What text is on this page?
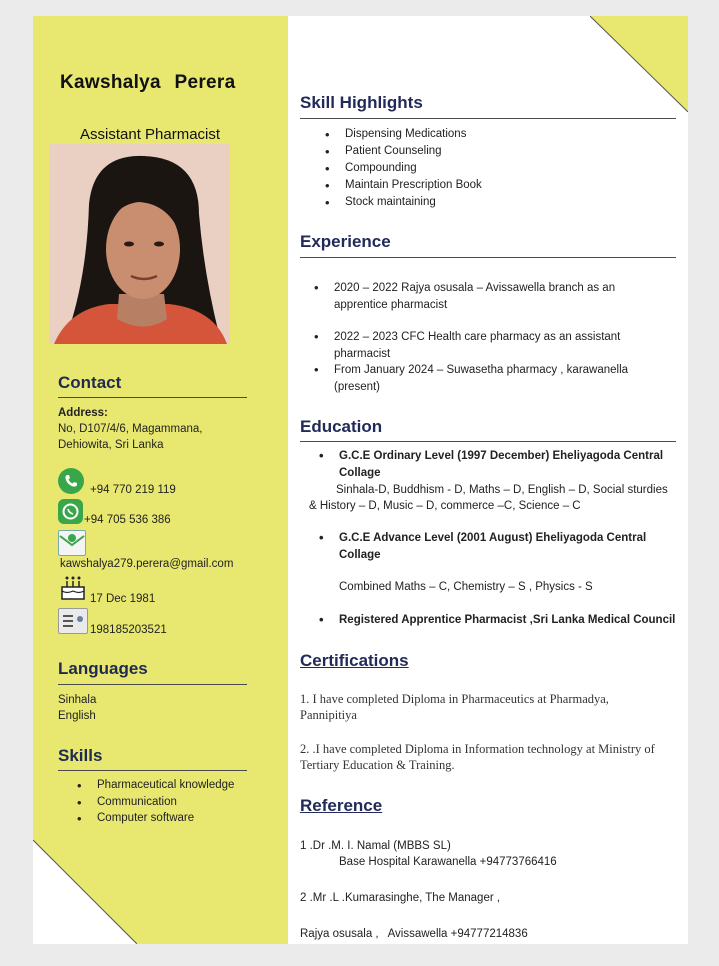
Kawshalya Perera
Assistant Pharmacist
Contact
Address:
No, D107/4/6, Magammana,
Dehiowita, Sri Lanka
+94 770 219 119
+94 705 536 386
kawshalya279.perera@gmail.com
17 Dec 1981
198185203521
Languages
Sinhala
English
Skills
• Pharmaceutical knowledge
• Communication
• Computer software
Skill Highlights
• Dispensing Medications
• Patient Counseling
• Compounding
• Maintain Prescription Book
• Stock maintaining
Experience
• 2020 – 2022 Rajya osusala – Avissawella branch as an apprentice pharmacist
• 2022 – 2023 CFC Health care pharmacy as an assistant pharmacist
• From January 2024 – Suwasetha pharmacy , karawanella (present)
Education
• G.C.E Ordinary Level (1997 December) Eheliyagoda Central Collage
Sinhala-D, Buddhism - D, Maths – D, English – D, Social sturdies
& History – D, Music – D, commerce –C, Science – C
• G.C.E Advance Level (2001 August) Eheliyagoda Central Collage
Combined Maths – C, Chemistry – S , Physics - S
• Registered Apprentice Pharmacist ,Sri Lanka Medical Council
Certifications
1. I have completed Diploma in Pharmaceutics at Pharmadya, Pannipitiya
2. .I have completed Diploma in Information technology at Ministry of Tertiary Education & Training.
Reference
1 .Dr .M. I. Namal (MBBS SL)
Base Hospital Karawanella +94773766416
2 .Mr .L .Kumarasinghe, The Manager ,
Rajya osusala ,   Avissawella +94777214836
